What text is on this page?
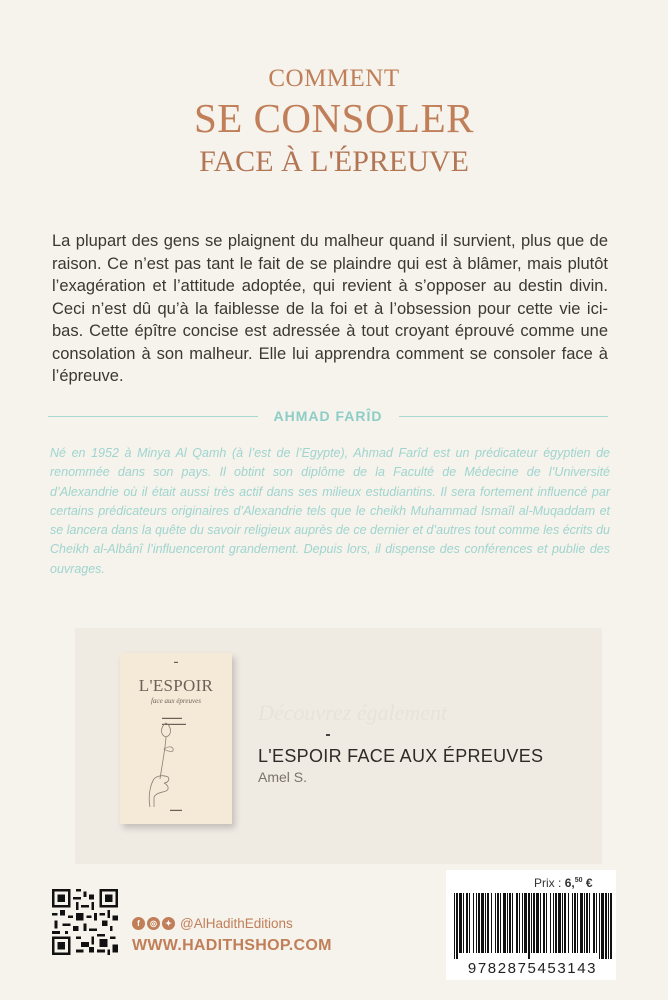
COMMENT
SE CONSOLER
FACE À L'ÉPREUVE
La plupart des gens se plaignent du malheur quand il survient, plus que de raison. Ce n’est pas tant le fait de se plaindre qui est à blâmer, mais plutôt l’exagération et l’attitude adoptée, qui revient à s’opposer au destin divin. Ceci n’est dû qu’à la faiblesse de la foi et à l’obsession pour cette vie ici-bas. Cette épître concise est adressée à tout croyant éprouvé comme une consolation à son malheur. Elle lui apprendra comment se consoler face à l’épreuve.
AHMAD FARÎD
Né en 1952 à Minya Al Qamh (à l’est de l’Egypte), Ahmad Farîd est un prédicateur égyptien de renommée dans son pays. Il obtint son diplôme de la Faculté de Médecine de l’Université d’Alexandrie où il était aussi très actif dans ses milieux estudiantins. Il sera fortement influencé par certains prédicateurs originaires d’Alexandrie tels que le cheikh Muhammad Ismaîl al-Muqaddam et se lancera dans la quête du savoir religieux auprès de ce dernier et d’autres tout comme les écrits du Cheikh al-Albânî l’influenceront grandement. Depuis lors, il dispense des conférences et publie des ouvrages.
▬
L'ESPOIR
face aux épreuves
▬▬▬▬▬
▬▬▬▬▬▬
▬▬▬
Découvrez également
L'ESPOIR FACE AUX ÉPREUVES
Amel S.
f	◎	✦ @AlHadithEditions
WWW.HADITHSHOP.COM
Prix : 6,50 €
9782875453143
